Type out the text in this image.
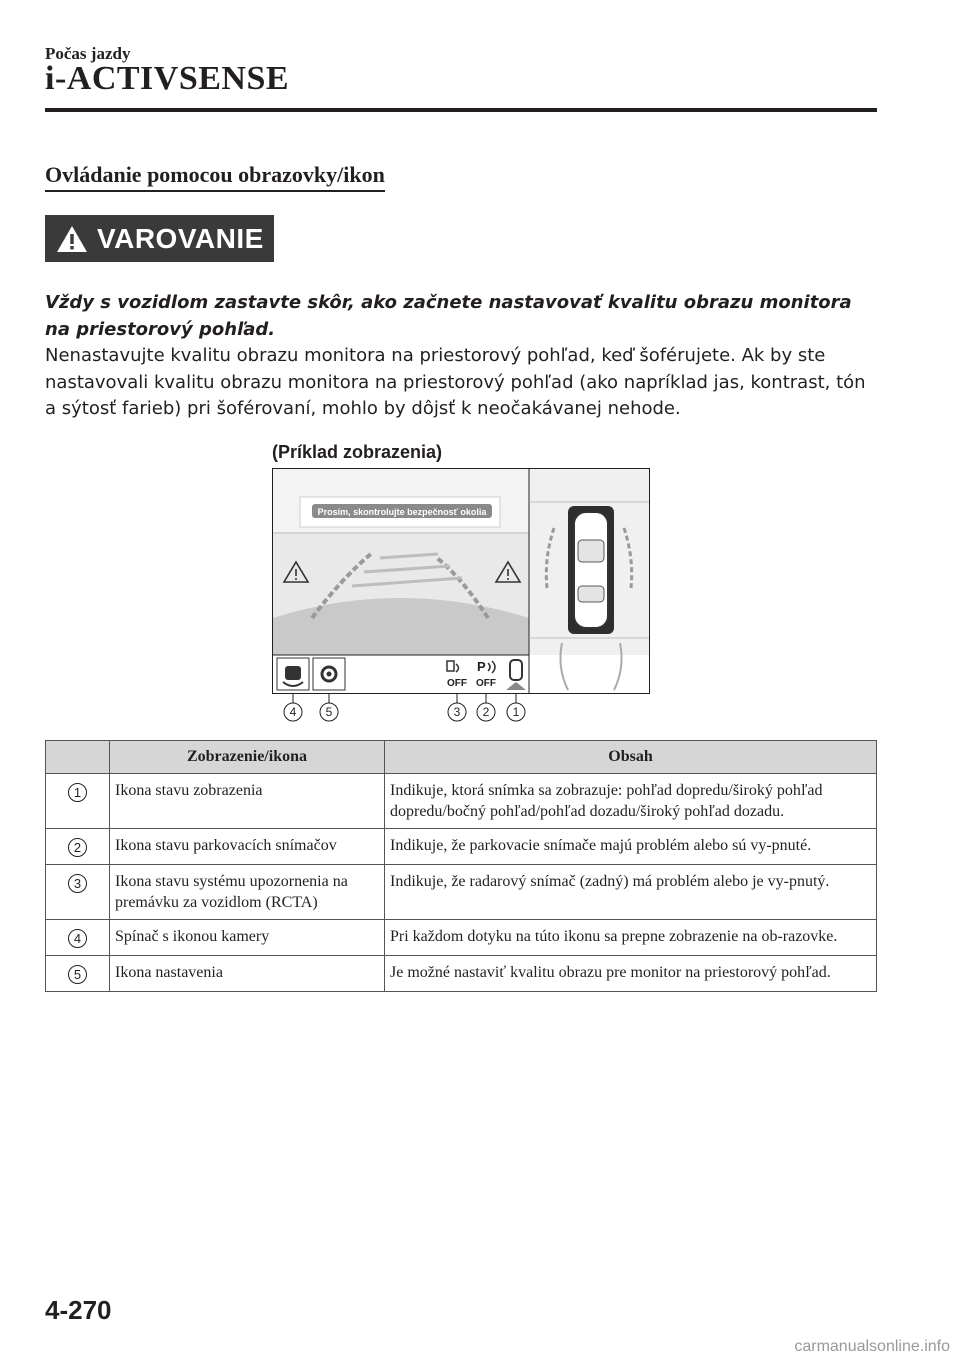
Počas jazdy
i-ACTIVSENSE
Ovládanie pomocou obrazovky/ikon
VAROVANIE
Vždy s vozidlom zastavte skôr, ako začnete nastavovať kvalitu obrazu monitora na priestorový pohľad.
Nenastavujte kvalitu obrazu monitora na priestorový pohľad, keď šoférujete. Ak by ste nastavovali kvalitu obrazu monitora na priestorový pohľad (ako napríklad jas, kontrast, tón a sýtosť farieb) pri šoférovaní, mohlo by dôjsť k neočakávanej nehode.
(Príklad zobrazenia)
Prosím, skontrolujte bezpečnosť okolia
OFF
P
OFF
4 5	3 2 1
	Zobrazenie/ikona	Obsah
1	Ikona stavu zobrazenia	Indikuje, ktorá snímka sa zobrazuje: pohľad dopredu/široký pohľad dopredu/bočný pohľad/pohľad dozadu/široký pohľad dozadu.
2	Ikona stavu parkovacích snímačov	Indikuje, že parkovacie snímače majú problém alebo sú vy-pnuté.
3	Ikona stavu systému upozornenia na premávku za vozidlom (RCTA)	Indikuje, že radarový snímač (zadný) má problém alebo je vy-pnutý.
4	Spínač s ikonou kamery	Pri každom dotyku na túto ikonu sa prepne zobrazenie na ob-razovke.
5	Ikona nastavenia	Je možné nastaviť kvalitu obrazu pre monitor na priestorový pohľad.
4-270
carmanualsonline.info
